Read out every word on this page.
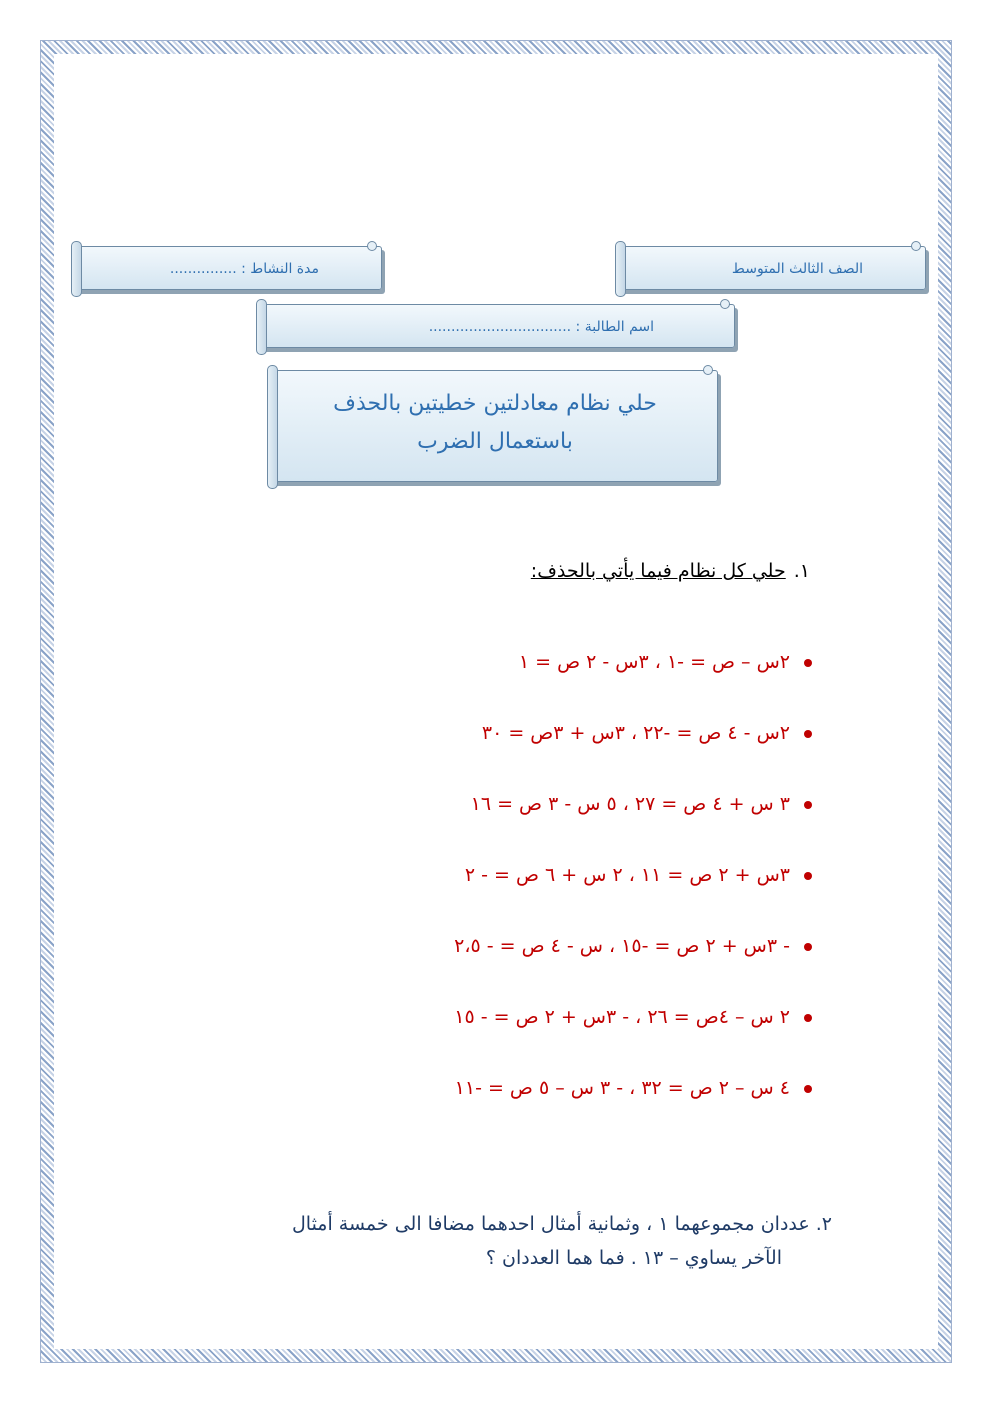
الصف الثالث المتوسط
مدة النشاط : ...............
اسم الطالبة : ................................
حلي نظام معادلتين خطيتين بالحذف
باستعمال الضرب
١.حلي كل نظام فيما يأتي بالحذف:
٢س – ص = -١ ، ٣س - ٢ ص = ١
٢س - ٤ ص = -٢٢ ، ٣س + ٣ص = ٣٠
٣ س + ٤ ص = ٢٧ ، ٥ س - ٣ ص = ١٦
٣س + ٢ ص = ١١ ، ٢ س + ٦ ص = - ٢
- ٣س + ٢ ص = -١٥ ، س - ٤ ص = - ٢،٥
٢ س – ٤ص = ٢٦ ، - ٣س + ٢ ص = - ١٥
٤ س – ٢ ص = ٣٢ ، - ٣ س – ٥ ص = -١١
٢.عددان مجموعهما ١ ، وثمانية أمثال احدهما مضافا الى خمسة أمثال
الآخر يساوي – ١٣ . فما هما العددان ؟
